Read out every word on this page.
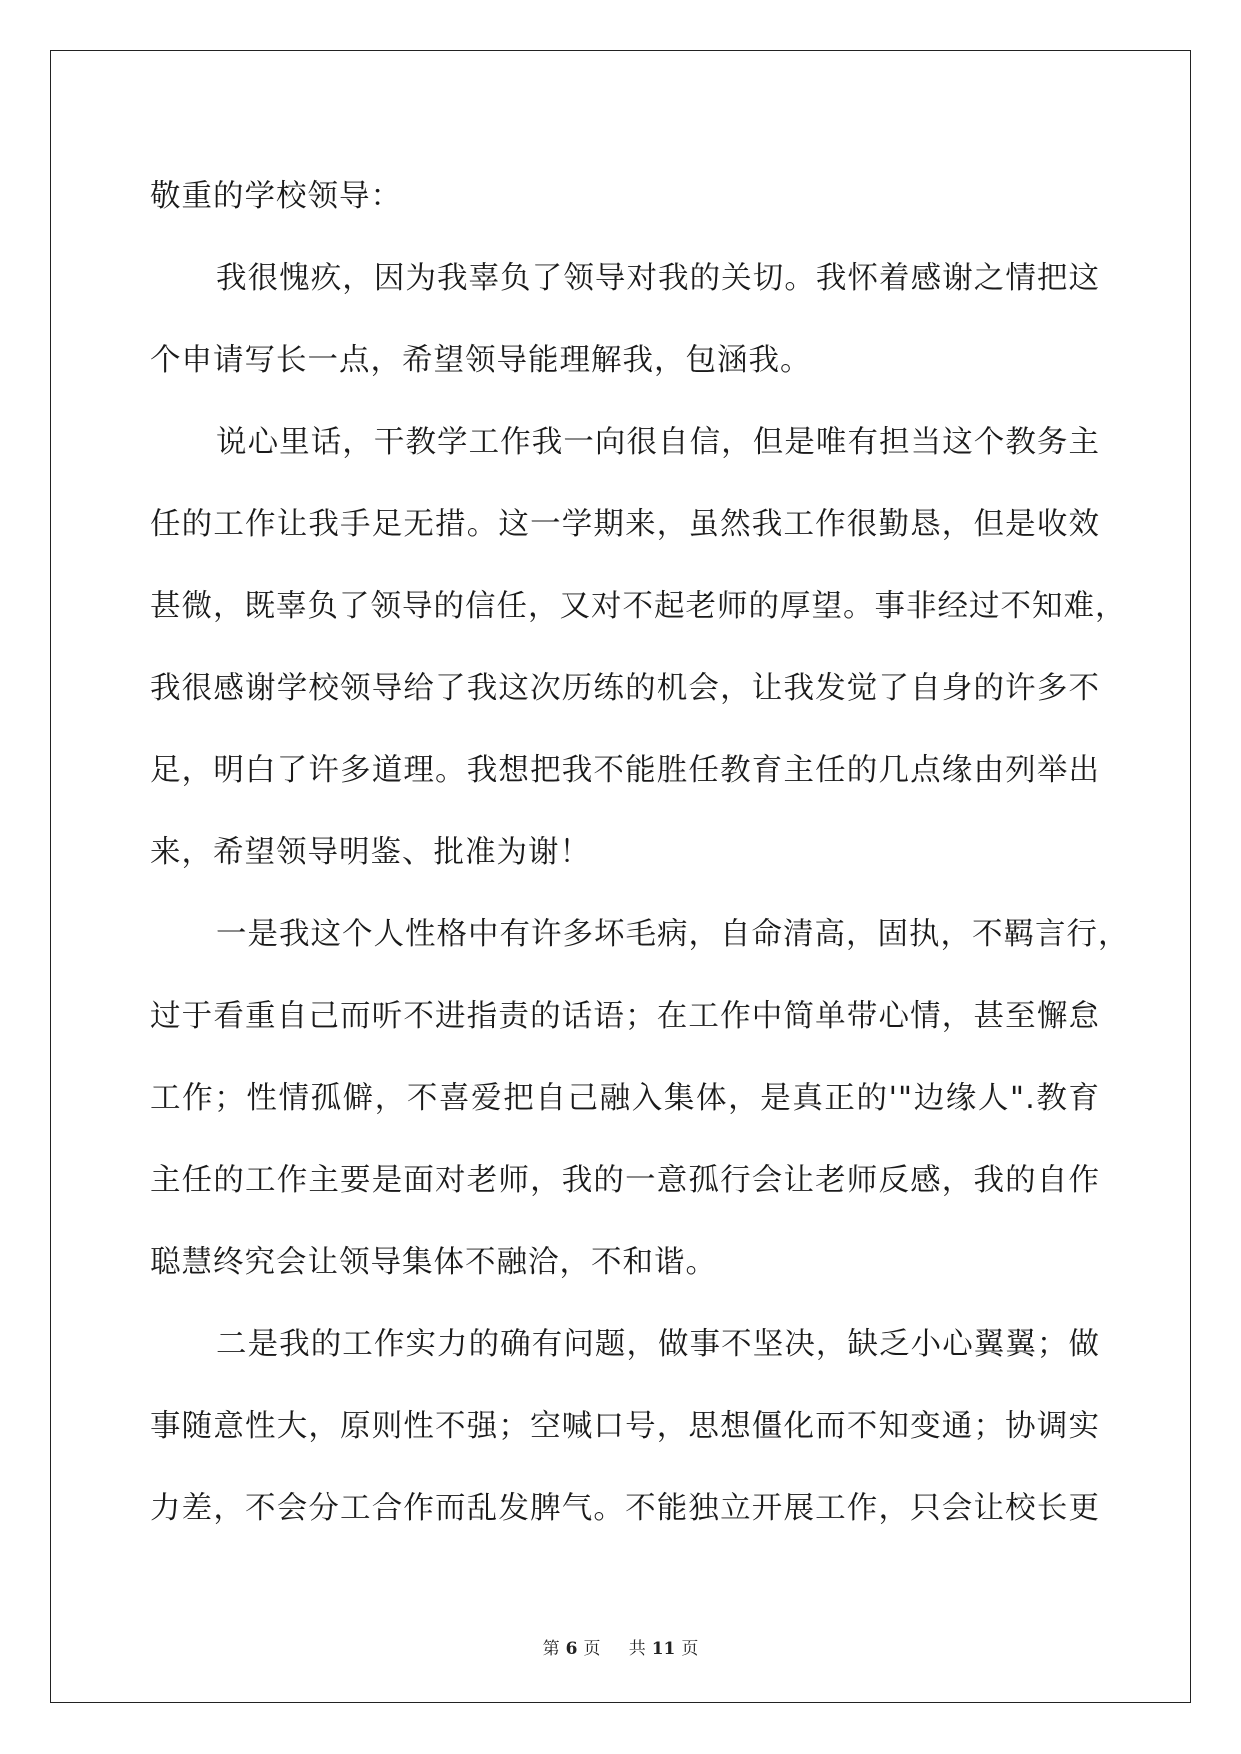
敬重的学校领导：
我很愧疚，因为我辜负了领导对我的关切。我怀着感谢之情把这
个申请写长一点，希望领导能理解我，包涵我。
说心里话，干教学工作我一向很自信，但是唯有担当这个教务主
任的工作让我手足无措。这一学期来，虽然我工作很勤恳，但是收效
甚微，既辜负了领导的信任，又对不起老师的厚望。事非经过不知难，
我很感谢学校领导给了我这次历练的机会，让我发觉了自身的许多不
足，明白了许多道理。我想把我不能胜任教育主任的几点缘由列举出
来，希望领导明鉴、批准为谢！
一是我这个人性格中有许多坏毛病，自命清高，固执，不羁言行，
过于看重自己而听不进指责的话语；在工作中简单带心情，甚至懈怠
工作；性情孤僻，不喜爱把自己融入集体，是真正的'"边缘人".教育
主任的工作主要是面对老师，我的一意孤行会让老师反感，我的自作
聪慧终究会让领导集体不融洽，不和谐。
二是我的工作实力的确有问题，做事不坚决，缺乏小心翼翼；做
事随意性大，原则性不强；空喊口号，思想僵化而不知变通；协调实
力差，不会分工合作而乱发脾气。不能独立开展工作，只会让校长更
第 6 页 共 11 页
